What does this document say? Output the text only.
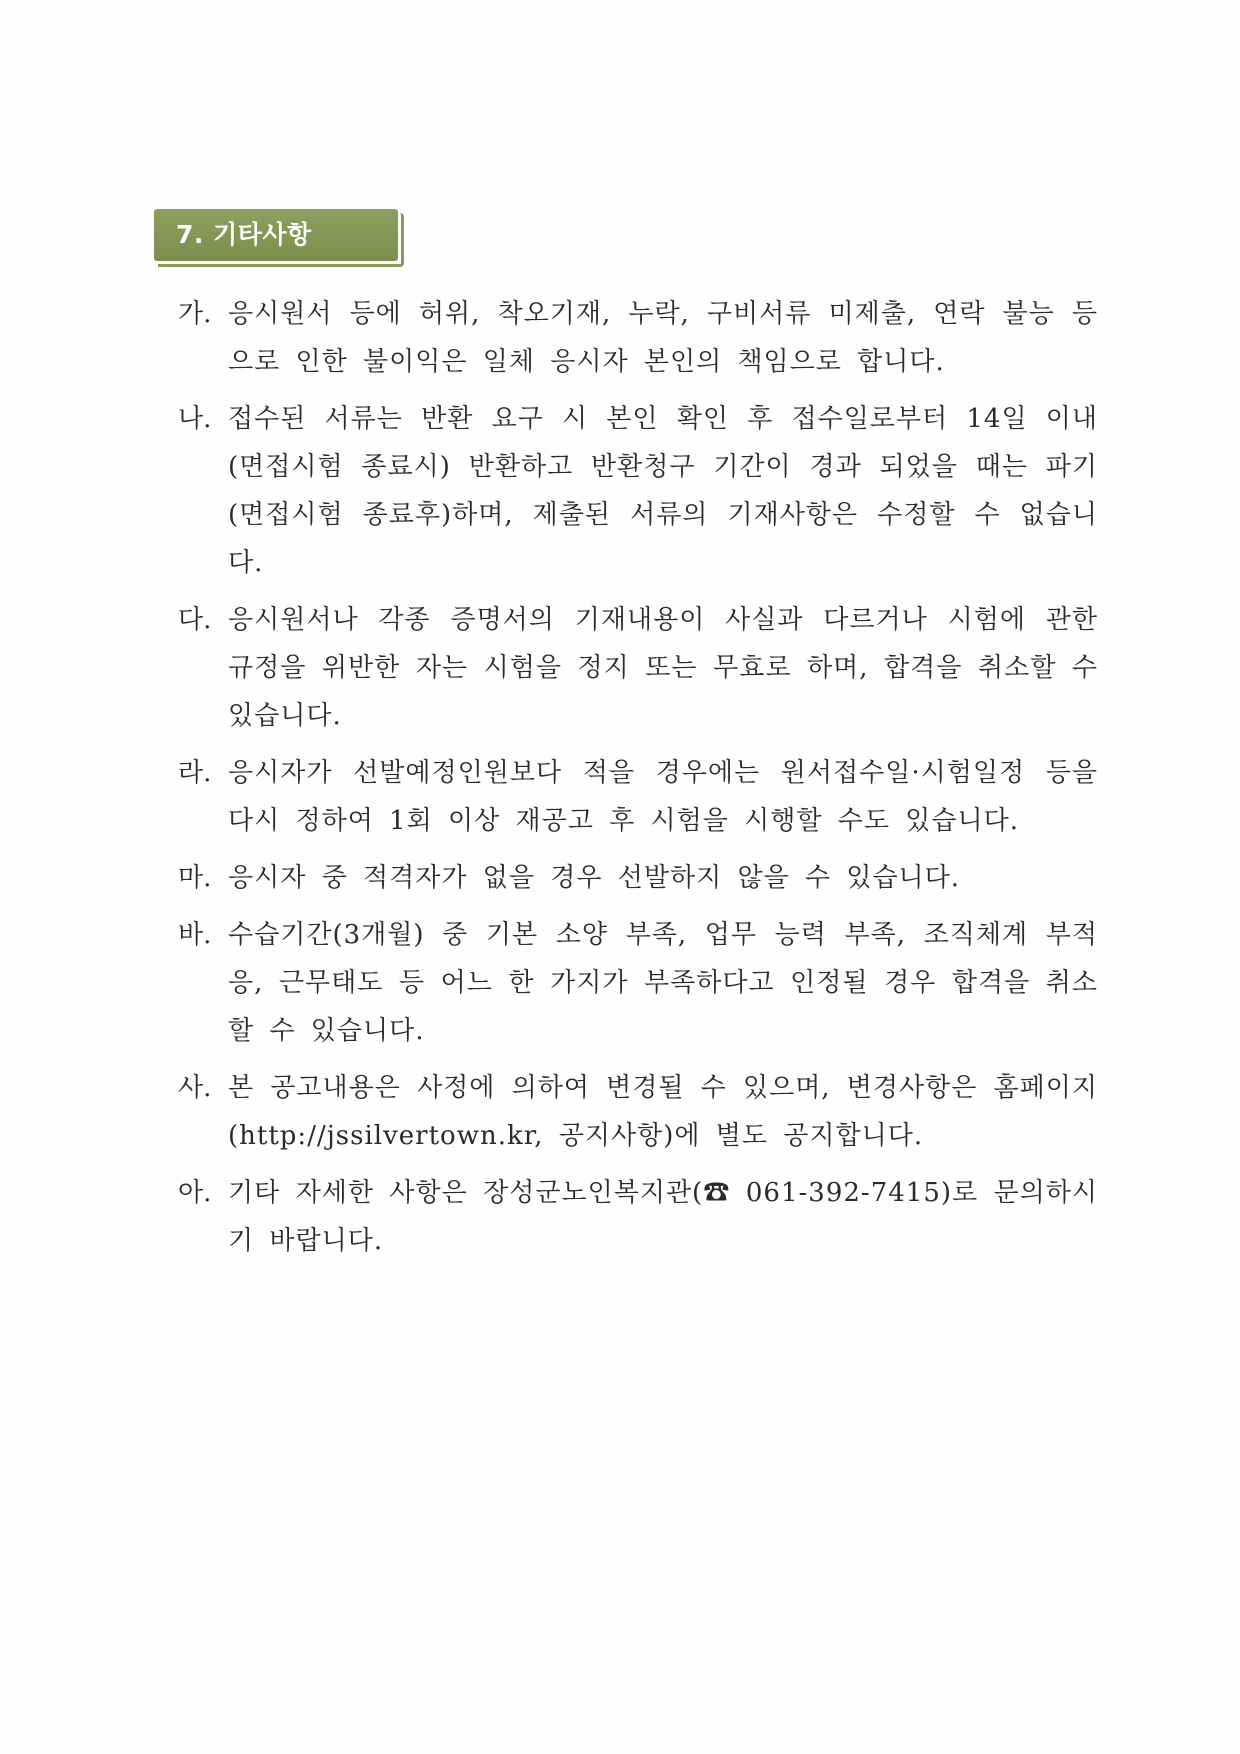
7. 기타사항
가. 응시원서 등에 허위, 착오기재, 누락, 구비서류 미제출, 연락 불능 등으로 인한 불이익은 일체 응시자 본인의 책임으로 합니다.
나. 접수된 서류는 반환 요구 시 본인 확인 후 접수일로부터 14일 이내(면접시험 종료시) 반환하고 반환청구 기간이 경과 되었을 때는 파기(면접시험 종료후)하며, 제출된 서류의 기재사항은 수정할 수 없습니다.
다. 응시원서나 각종 증명서의 기재내용이 사실과 다르거나 시험에 관한 규정을 위반한 자는 시험을 정지 또는 무효로 하며, 합격을 취소할 수 있습니다.
라. 응시자가 선발예정인원보다 적을 경우에는 원서접수일·시험일정 등을 다시 정하여 1회 이상 재공고 후 시험을 시행할 수도 있습니다.
마. 응시자 중 적격자가 없을 경우 선발하지 않을 수 있습니다.
바. 수습기간(3개월) 중 기본 소양 부족, 업무 능력 부족, 조직체계 부적응, 근무태도 등 어느 한 가지가 부족하다고 인정될 경우 합격을 취소할 수 있습니다.
사. 본 공고내용은 사정에 의하여 변경될 수 있으며, 변경사항은 홈페이지(http://jssilvertown.kr, 공지사항)에 별도 공지합니다.
아. 기타 자세한 사항은 장성군노인복지관(☎ 061-392-7415)로 문의하시기 바랍니다.
